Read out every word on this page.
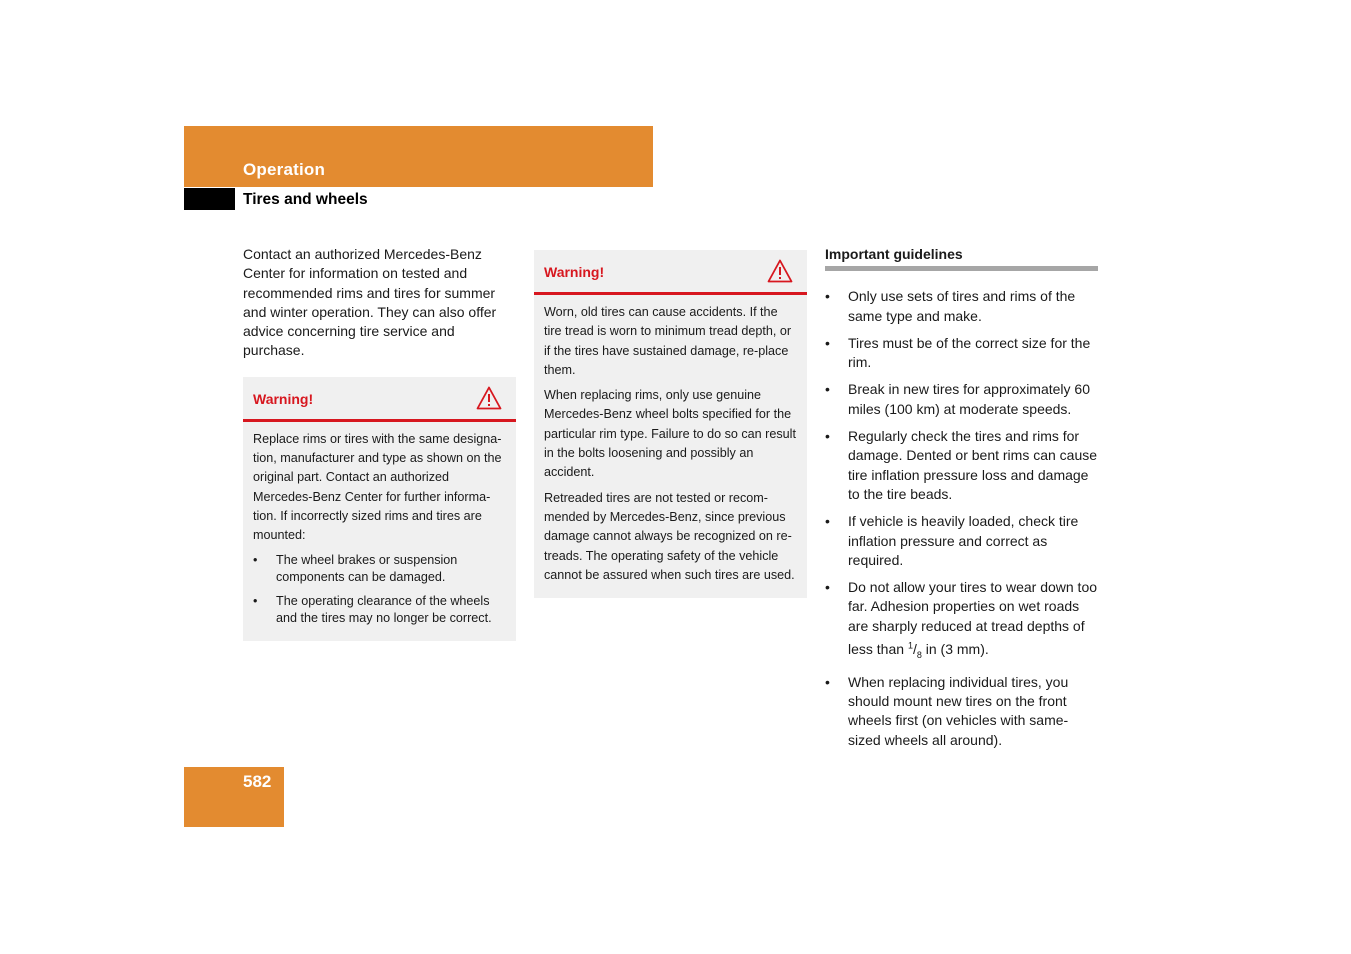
Operation
Tires and wheels

Contact an authorized Mercedes-Benz Center for information on tested and recommended rims and tires for summer and winter operation. They can also offer advice concerning tire service and purchase.

Warning!

Replace rims or tires with the same designa-tion, manufacturer and type as shown on the original part. Contact an authorized Mercedes-Benz Center for further informa-tion. If incorrectly sized rims and tires are mounted:

• The wheel brakes or suspension components can be damaged.
• The operating clearance of the wheels and the tires may no longer be correct.
Warning!

Worn, old tires can cause accidents. If the tire tread is worn to minimum tread depth, or if the tires have sustained damage, re-place them.

When replacing rims, only use genuine Mercedes-Benz wheel bolts specified for the particular rim type. Failure to do so can result in the bolts loosening and possibly an accident.

Retreaded tires are not tested or recom-mended by Mercedes-Benz, since previous damage cannot always be recognized on re-treads. The operating safety of the vehicle cannot be assured when such tires are used.

Important guidelines
• Only use sets of tires and rims of the same type and make.
• Tires must be of the correct size for the rim.
• Break in new tires for approximately 60 miles (100 km) at moderate speeds.
• Regularly check the tires and rims for damage. Dented or bent rims can cause tire inflation pressure loss and damage to the tire beads.
• If vehicle is heavily loaded, check tire inflation pressure and correct as required.
• Do not allow your tires to wear down too far. Adhesion properties on wet roads are sharply reduced at tread depths of less than $^1/_8$ in (3 mm).
• When replacing individual tires, you should mount new tires on the front wheels first (on vehicles with same-sized wheels all around).
582
